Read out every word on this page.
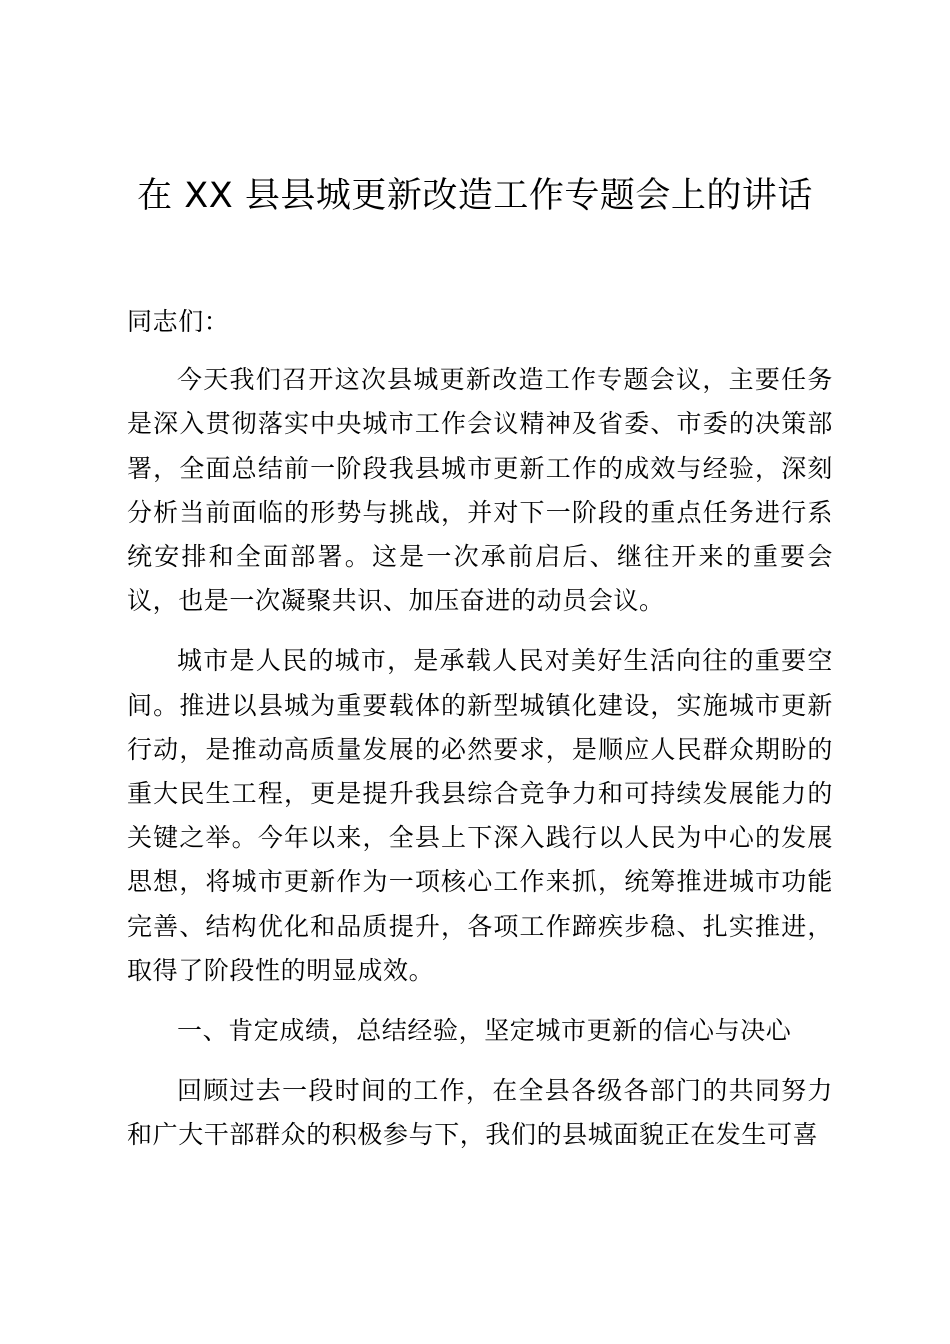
在 XX 县县城更新改造工作专题会上的讲话

同志们：

今天我们召开这次县城更新改造工作专题会议，主要任务是深入贯彻落实中央城市工作会议精神及省委、市委的决策部署，全面总结前一阶段我县城市更新工作的成效与经验，深刻分析当前面临的形势与挑战，并对下一阶段的重点任务进行系统安排和全面部署。这是一次承前启后、继往开来的重要会议，也是一次凝聚共识、加压奋进的动员会议。

城市是人民的城市，是承载人民对美好生活向往的重要空间。推进以县城为重要载体的新型城镇化建设，实施城市更新行动，是推动高质量发展的必然要求，是顺应人民群众期盼的重大民生工程，更是提升我县综合竞争力和可持续发展能力的关键之举。今年以来，全县上下深入践行以人民为中心的发展思想，将城市更新作为一项核心工作来抓，统筹推进城市功能完善、结构优化和品质提升，各项工作蹄疾步稳、扎实推进，取得了阶段性的明显成效。

一、肯定成绩，总结经验，坚定城市更新的信心与决心

回顾过去一段时间的工作，在全县各级各部门的共同努力和广大干部群众的积极参与下，我们的县城面貌正在发生可喜
